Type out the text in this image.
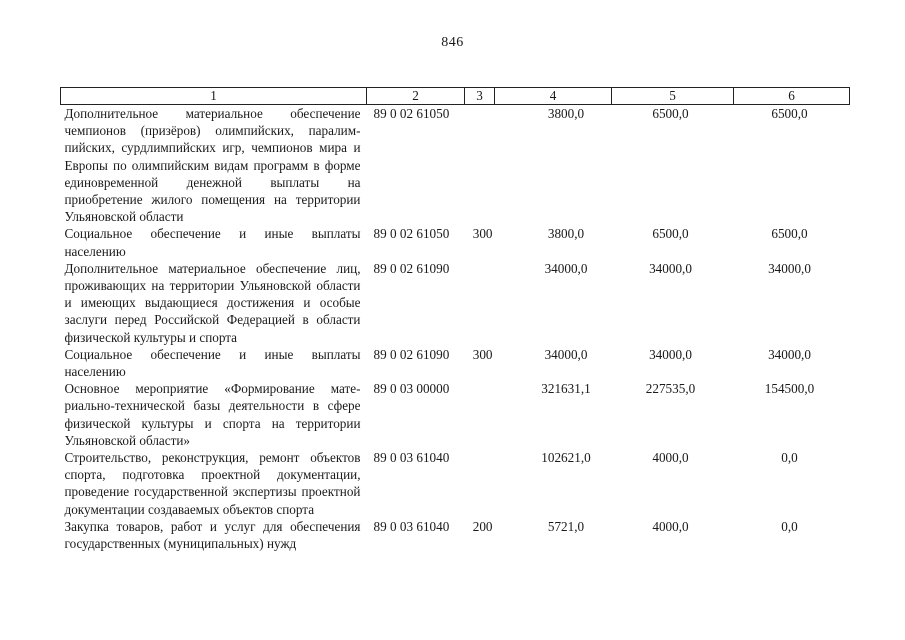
846
1	2	3	4	5	6
Дополнительное материальное обеспечение чемпионов (призёров) олимпийских, паралимпийских, сурдлимпийских игр, чемпионов мира и Европы по олимпийским видам программ в форме единовременной денежной выплаты на приобретение жилого помещения на территории Ульяновской области	89 0 02 61050		3800,0	6500,0	6500,0
Социальное обеспечение и иные выплаты населению	89 0 02 61050	300	3800,0	6500,0	6500,0
Дополнительное материальное обеспечение лиц, проживающих на территории Ульяновской области и имеющих выдающиеся достижения и особые заслуги перед Российской Федерацией в области физической культуры и спорта	89 0 02 61090		34000,0	34000,0	34000,0
Социальное обеспечение и иные выплаты населению	89 0 02 61090	300	34000,0	34000,0	34000,0
Основное мероприятие «Формирование материально-технической базы деятельности в сфере физической культуры и спорта на территории Ульяновской области»	89 0 03 00000		321631,1	227535,0	154500,0
Строительство, реконструкция, ремонт объектов спорта, подготовка проектной документации, проведение государственной экспертизы проектной документации создаваемых объектов спорта	89 0 03 61040		102621,0	4000,0	0,0
Закупка товаров, работ и услуг для обеспечения государственных (муниципальных) нужд	89 0 03 61040	200	5721,0	4000,0	0,0
